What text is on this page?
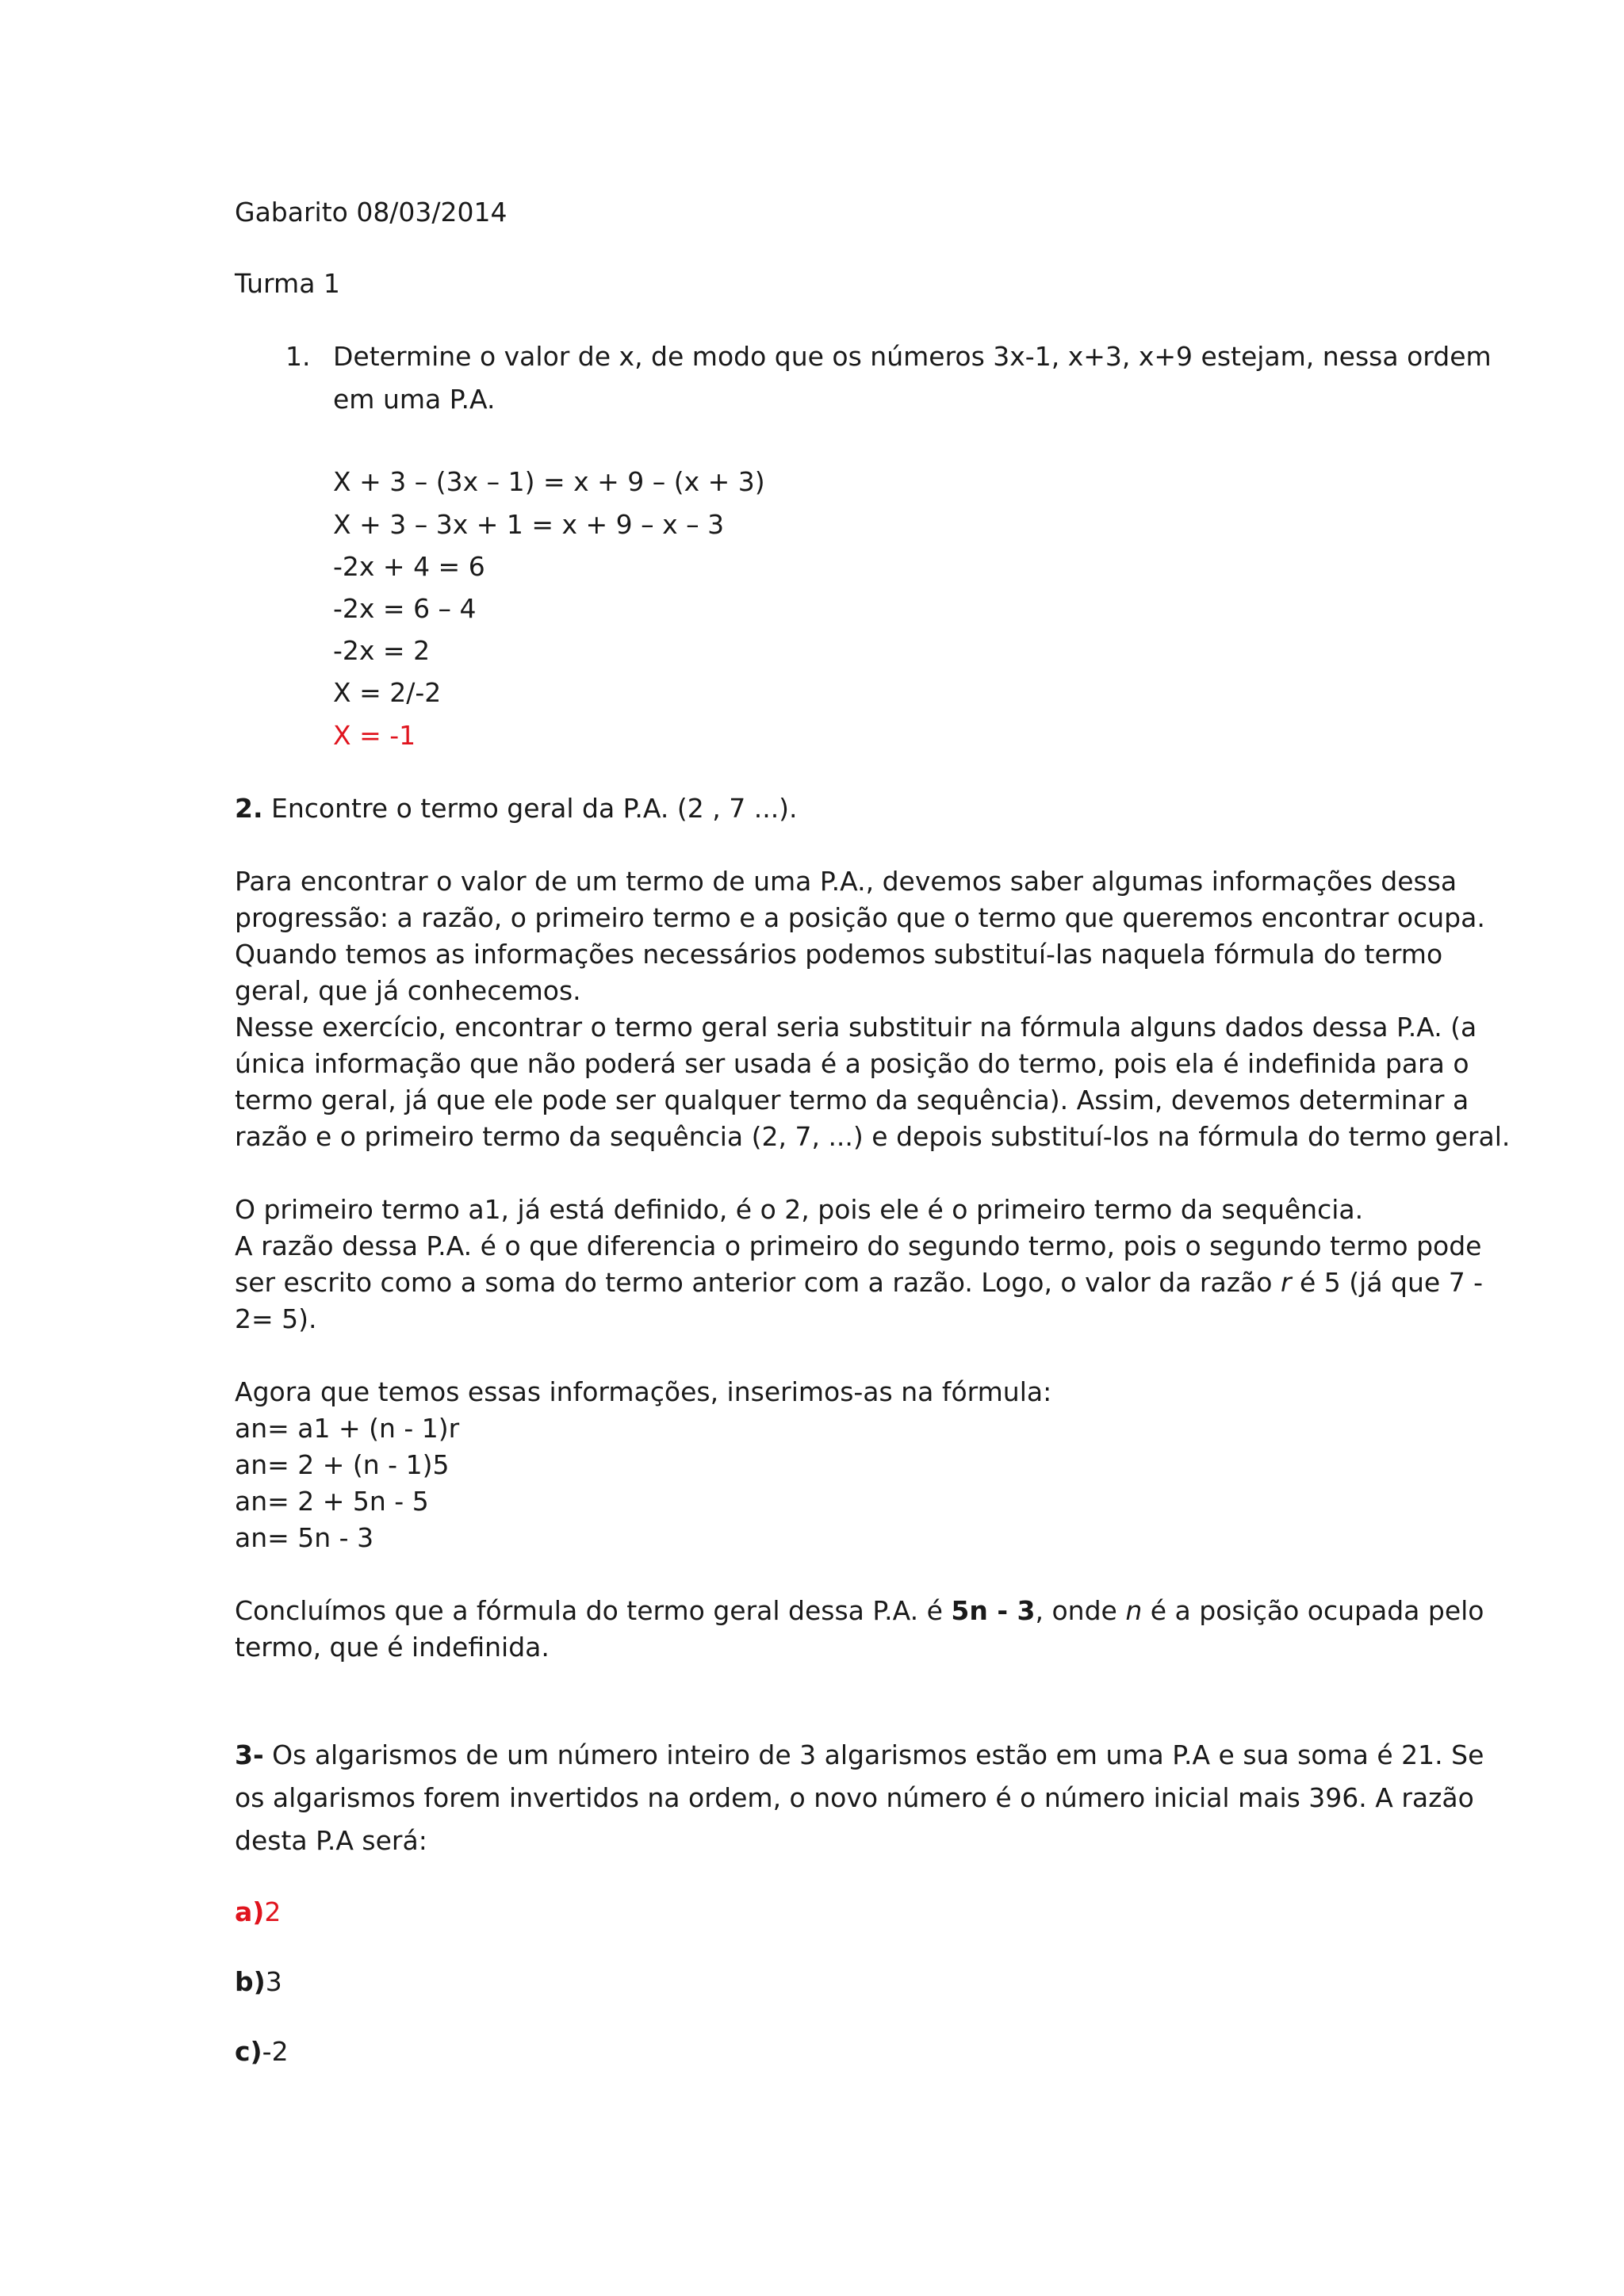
Gabarito 08/03/2014

Turma 1

1. Determine o valor de x, de modo que os números 3x-1, x+3, x+9 estejam, nessa ordem

em uma P.A.

X + 3 – (3x – 1) = x + 9 – (x + 3)

X + 3 – 3x + 1 = x + 9 – x – 3

-2x + 4 = 6

-2x = 6 – 4

-2x = 2

X = 2/-2

X = -1

2. Encontre o termo geral da P.A. (2 , 7 ...).

Para encontrar o valor de um termo de uma P.A., devemos saber algumas informações dessa

progressão: a razão, o primeiro termo e a posição que o termo que queremos encontrar ocupa.

Quando temos as informações necessários podemos substituí-las naquela fórmula do termo

geral, que já conhecemos.

Nesse exercício, encontrar o termo geral seria substituir na fórmula alguns dados dessa P.A. (a

única informação que não poderá ser usada é a posição do termo, pois ela é indefinida para o

termo geral, já que ele pode ser qualquer termo da sequência). Assim, devemos determinar a

razão e o primeiro termo da sequência (2, 7, ...) e depois substituí-los na fórmula do termo geral.

O primeiro termo a1, já está definido, é o 2, pois ele é o primeiro termo da sequência.

A razão dessa P.A. é o que diferencia o primeiro do segundo termo, pois o segundo termo pode

ser escrito como a soma do termo anterior com a razão. Logo, o valor da razão r é 5 (já que 7 -

2= 5).

Agora que temos essas informações, inserimos-as na fórmula:

an= a1 + (n - 1)r

an= 2 + (n - 1)5

an= 2 + 5n - 5

an= 5n - 3

Concluímos que a fórmula do termo geral dessa P.A. é 5n - 3, onde n é a posição ocupada pelo

termo, que é indefinida.

3- Os algarismos de um número inteiro de 3 algarismos estão em uma P.A e sua soma é 21. Se

os algarismos forem invertidos na ordem, o novo número é o número inicial mais 396. A razão

desta P.A será:

a)2

b)3

c)-2
